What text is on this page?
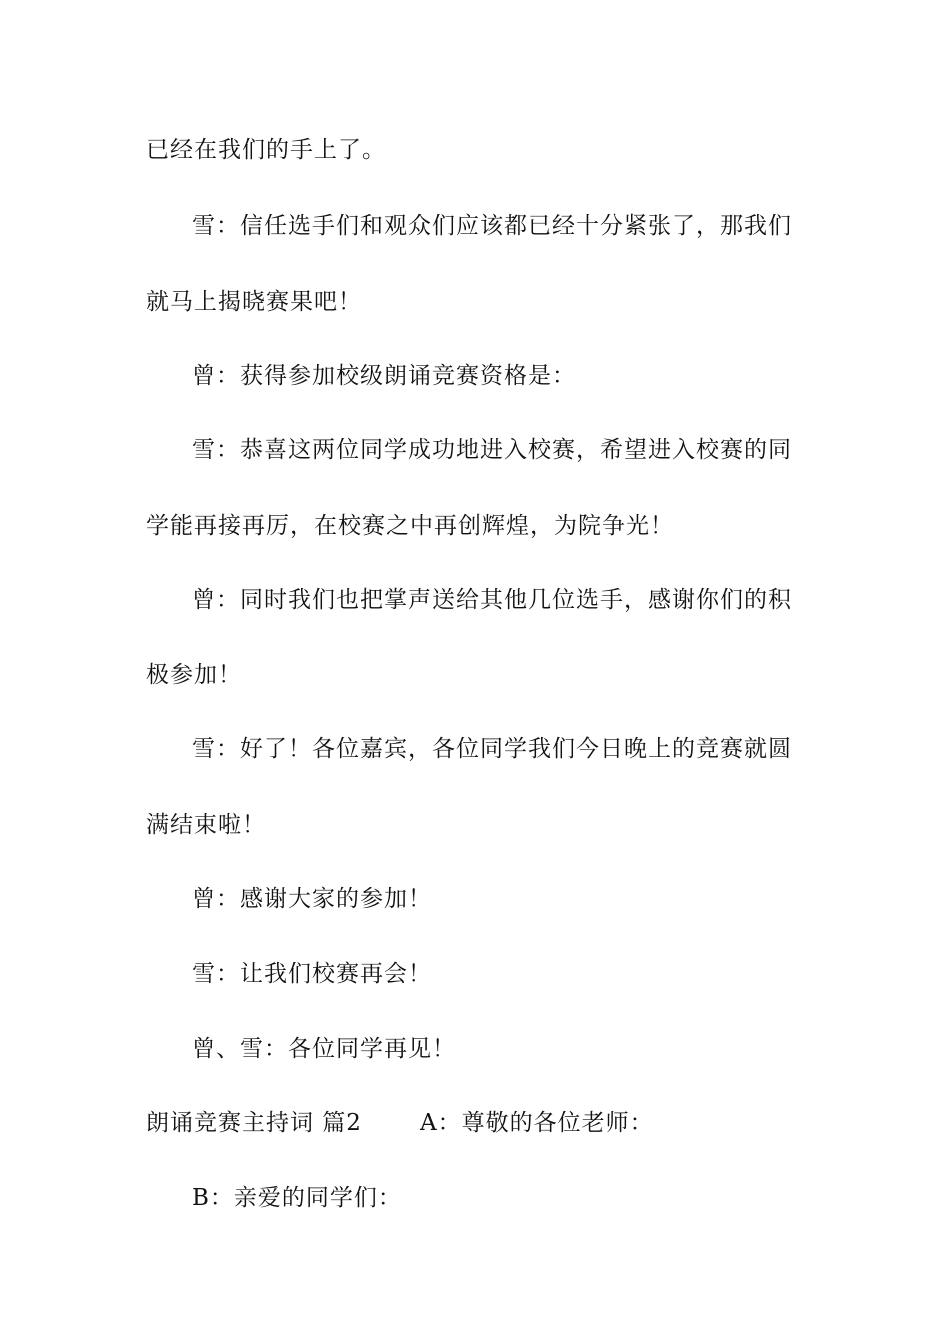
已经在我们的手上了。
雪：信任选手们和观众们应该都已经十分紧张了，那我们
就马上揭晓赛果吧！
曾：获得参加校级朗诵竞赛资格是：
雪：恭喜这两位同学成功地进入校赛，希望进入校赛的同
学能再接再厉，在校赛之中再创辉煌，为院争光！
曾：同时我们也把掌声送给其他几位选手，感谢你们的积
极参加！
雪：好了！各位嘉宾，各位同学我们今日晚上的竞赛就圆
满结束啦！
曾：感谢大家的参加！
雪：让我们校赛再会！
曾、雪：各位同学再见！
朗诵竞赛主持词 篇2	A：尊敬的各位老师：
B：亲爱的同学们：
